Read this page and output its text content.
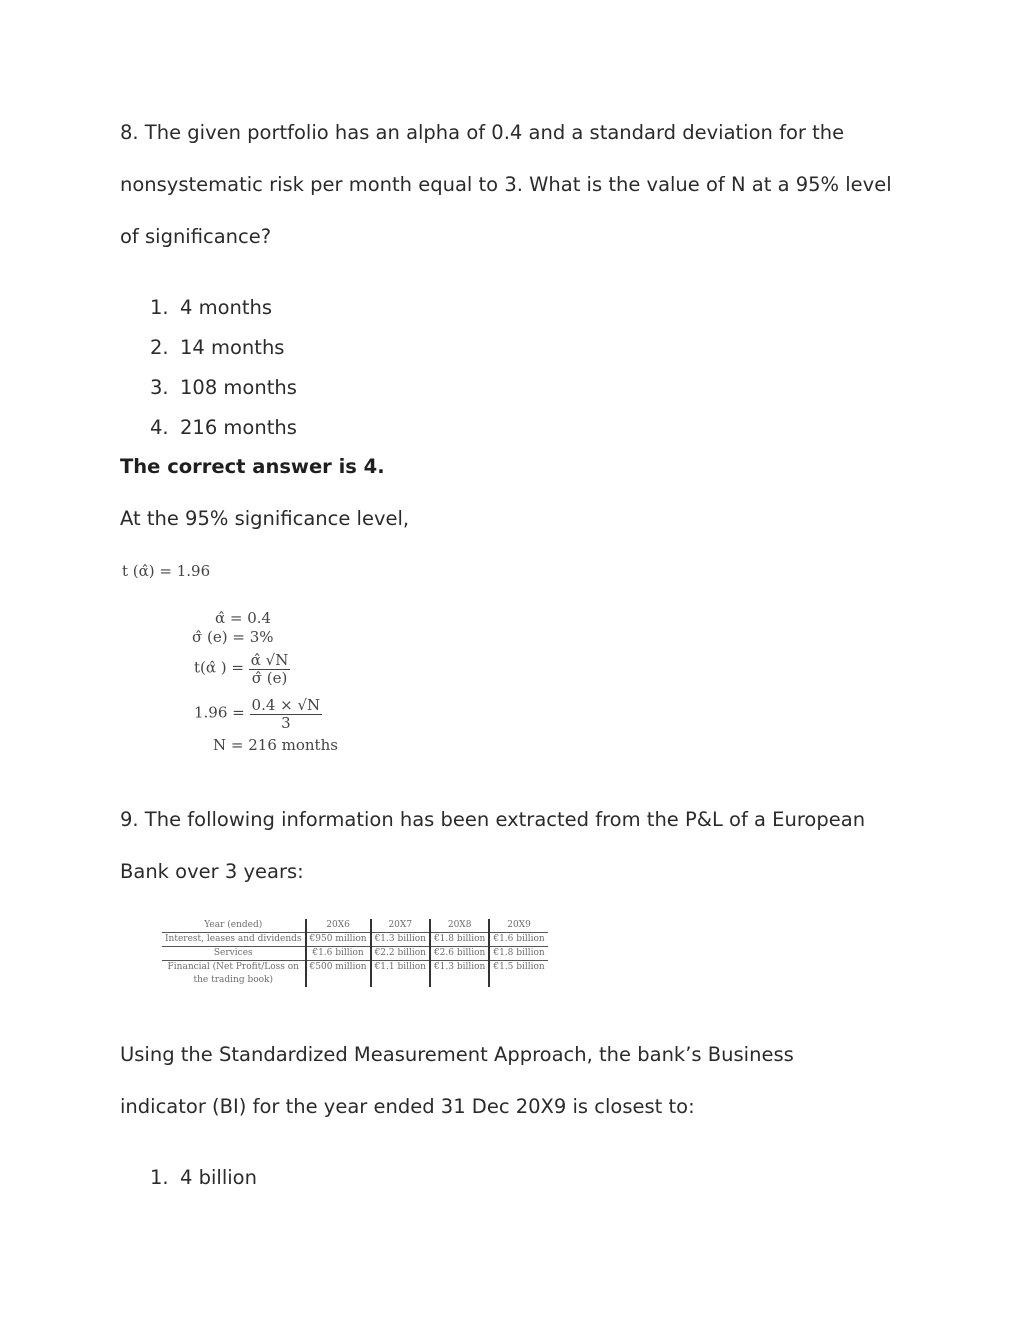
8. The given portfolio has an alpha of 0.4 and a standard deviation for the
nonsystematic risk per month equal to 3. What is the value of N at a 95% level
of significance?

1. 4 months
2. 14 months
3. 108 months
4. 216 months
The correct answer is 4.
At the 95% significance level,
t (α̂) = 1.96
α̂ = 0.4
σ̂ (e) = 3%
t(α̂ ) = $\frac{\alphâ √N}{\sigmâ (e)}$
$1.96 = \frac{0.4 \times √N}{3}$
N = 216 months

9. The following information has been extracted from the P&L of a European
Bank over 3 years:

Year (ended)	20X6	20X7	20X8	20X9
Interest, leases and dividends	€950 million	€1.3 billion	€1.8 billion	€1.6 billion
Services	€1.6 billion	€2.2 billion	€2.6 billion	€1.8 billion
Financial (Net Profit/Loss on	€500 million	€1.1 billion	€1.3 billion	€1.5 billion
the trading book)				

Using the Standardized Measurement Approach, the bank’s Business
indicator (BI) for the year ended 31 Dec 20X9 is closest to:

1. 4 billion
